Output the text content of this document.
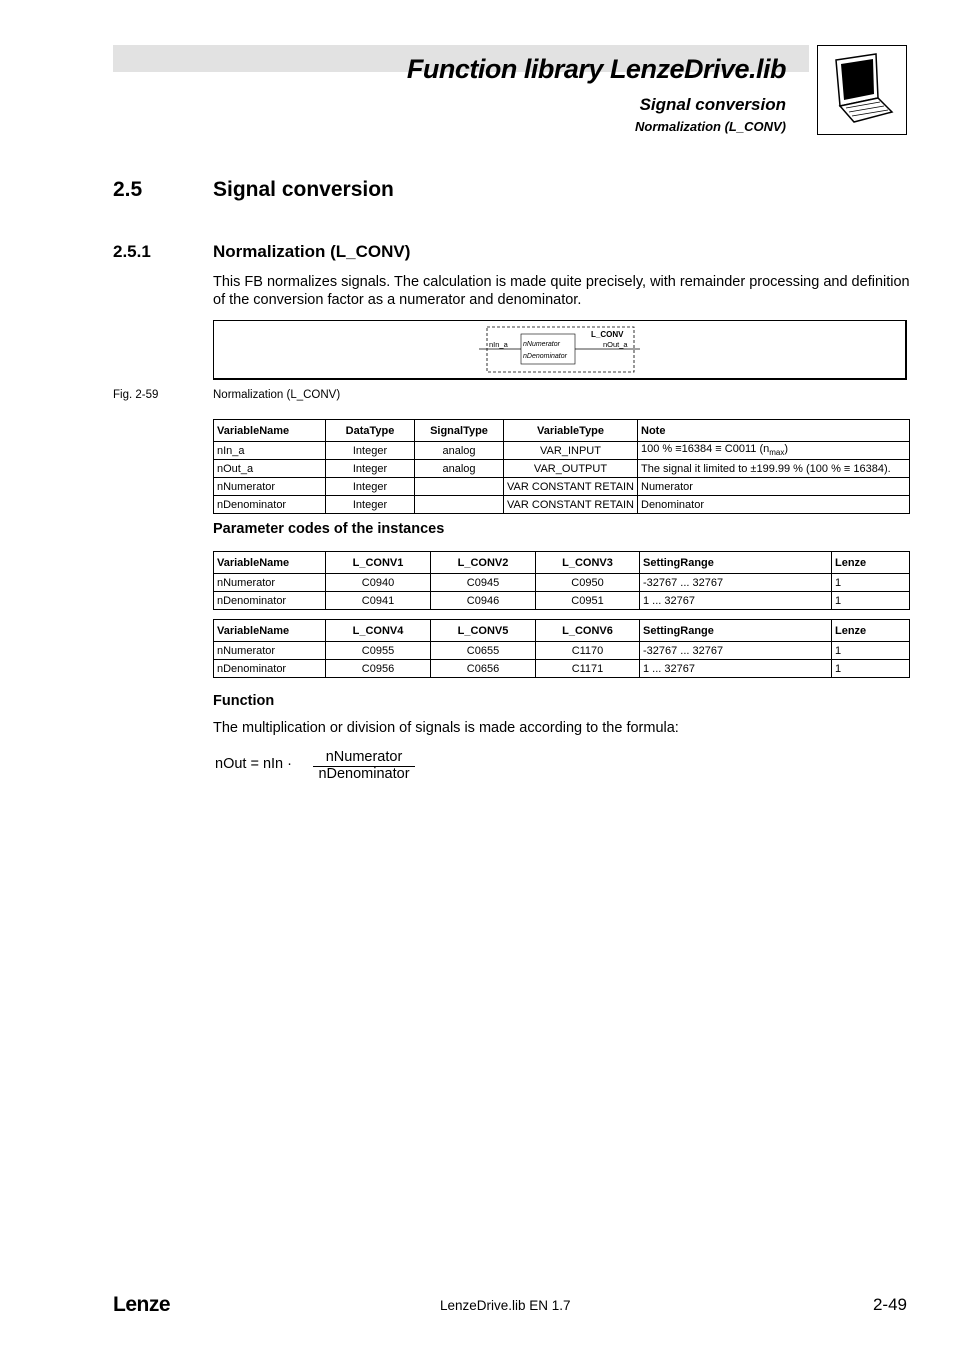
Function library LenzeDrive.lib
Signal conversion
Normalization (L_CONV)
2.5	Signal conversion
2.5.1	Normalization (L_CONV)
This FB normalizes signals. The calculation is made quite precisely, with remainder processing and definition of the conversion factor as a numerator and denominator.
L_CONV
nIn_a	nOut_a
nNumerator
nDenominator
Fig. 2-59	Normalization (L_CONV)
VariableName	DataType	SignalType	VariableType	Note
nIn_a	Integer	analog	VAR_INPUT	100 % ≡16384 ≡ C0011 $(n_{max})$
nOut_a	Integer	analog	VAR_OUTPUT	The signal it limited to ±199.99 % (100 % ≡ 16384).
nNumerator	Integer		VAR CONSTANT RETAIN	Numerator
nDenominator	Integer		VAR CONSTANT RETAIN	Denominator
Parameter codes of the instances
VariableName	L_CONV1	L_CONV2	L_CONV3	SettingRange	Lenze
nNumerator	C0940	C0945	C0950	-32767 ... 32767	1
nDenominator	C0941	C0946	C0951	1 ... 32767	1
VariableName	L_CONV4	L_CONV5	L_CONV6	SettingRange	Lenze
nNumerator	C0955	C0655	C1170	-32767 ... 32767	1
nDenominator	C0956	C0656	C1171	1 ... 32767	1
Function
The multiplication or division of signals is made according to the formula:
nOut = nIn ·	nNumerator
nDenominator
Lenze	LenzeDrive.lib EN 1.7	2-49
